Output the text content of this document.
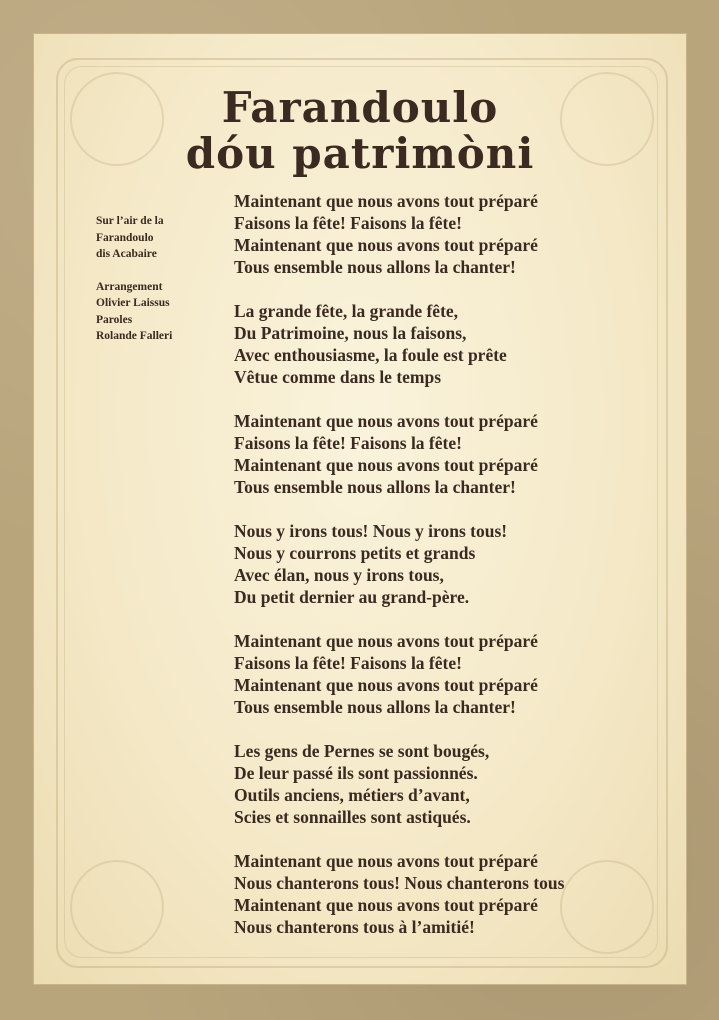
Farandoulo
dóu patrimòni
Sur l’air de la
Farandoulo
dis Acabaire
Arrangement
Olivier Laissus
Paroles
Rolande Falleri
Maintenant que nous avons tout préparé
Faisons la fête! Faisons la fête!
Maintenant que nous avons tout préparé
Tous ensemble nous allons la chanter!
La grande fête, la grande fête,
Du Patrimoine, nous la faisons,
Avec enthousiasme, la foule est prête
Vêtue comme dans le temps
Maintenant que nous avons tout préparé
Faisons la fête! Faisons la fête!
Maintenant que nous avons tout préparé
Tous ensemble nous allons la chanter!
Nous y irons tous! Nous y irons tous!
Nous y courrons petits et grands
Avec élan, nous y irons tous,
Du petit dernier au grand-père.
Maintenant que nous avons tout préparé
Faisons la fête! Faisons la fête!
Maintenant que nous avons tout préparé
Tous ensemble nous allons la chanter!
Les gens de Pernes se sont bougés,
De leur passé ils sont passionnés.
Outils anciens, métiers d’avant,
Scies et sonnailles sont astiqués.
Maintenant que nous avons tout préparé
Nous chanterons tous! Nous chanterons tous
Maintenant que nous avons tout préparé
Nous chanterons tous à l’amitié!
